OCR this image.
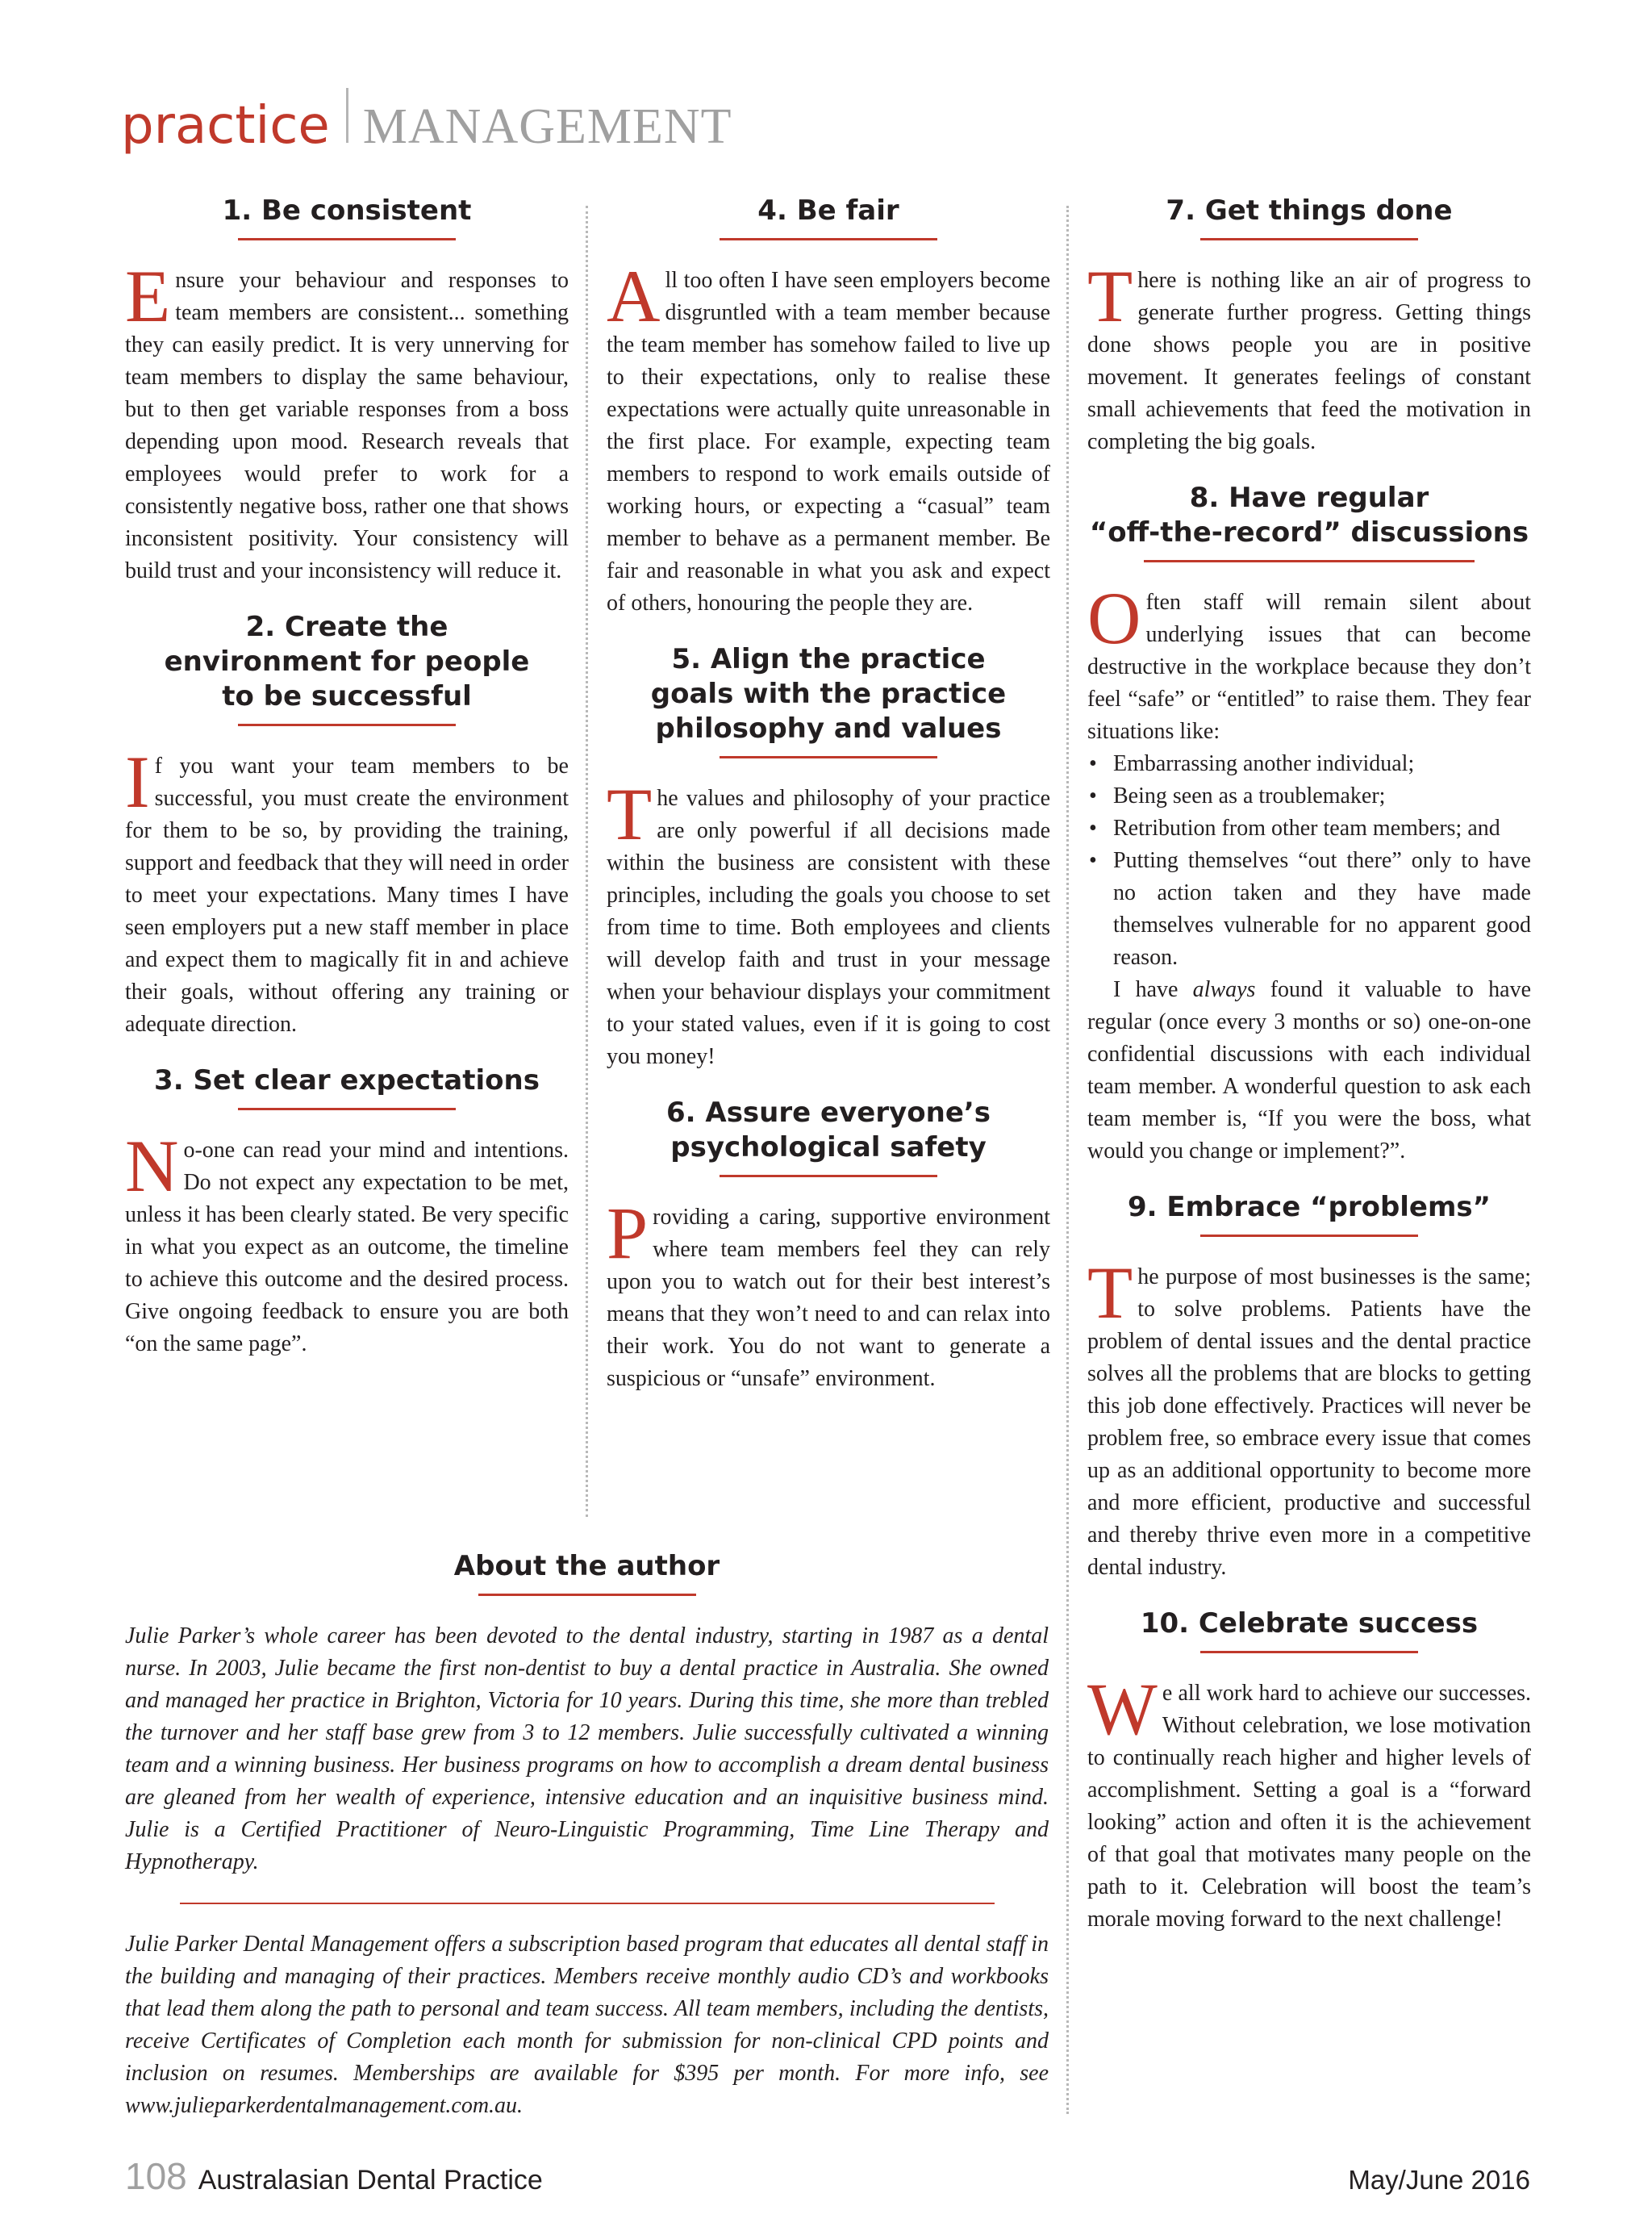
practice MANAGEMENT
1. Be consistent

Ensure your behaviour and responses to team members are consistent... something they can easily predict. It is very unnerving for team members to display the same behaviour, but to then get variable responses from a boss depending upon mood. Research reveals that employees would prefer to work for a consistently negative boss, rather one that shows inconsistent positivity. Your consistency will build trust and your inconsistency will reduce it.

2. Create the
environment for people
to be successful

If you want your team members to be successful, you must create the environment for them to be so, by providing the training, support and feedback that they will need in order to meet your expectations. Many times I have seen employers put a new staff member in place and expect them to magically fit in and achieve their goals, without offering any training or adequate direction.

3. Set clear expectations

No-one can read your mind and intentions. Do not expect any expectation to be met, unless it has been clearly stated. Be very specific in what you expect as an outcome, the timeline to achieve this outcome and the desired process. Give ongoing feedback to ensure you are both “on the same page”.

4. Be fair

All too often I have seen employers become disgruntled with a team member because the team member has somehow failed to live up to their expectations, only to realise these expectations were actually quite unreasonable in the first place. For example, expecting team members to respond to work emails outside of working hours, or expecting a “casual” team member to behave as a permanent member. Be fair and reasonable in what you ask and expect of others, honouring the people they are.

5. Align the practice
goals with the practice
philosophy and values

The values and philosophy of your practice are only powerful if all decisions made within the business are consistent with these principles, including the goals you choose to set from time to time. Both employees and clients will develop faith and trust in your message when your behaviour displays your commitment to your stated values, even if it is going to cost you money!

6. Assure everyone’s
psychological safety

Providing a caring, supportive environment where team members feel they can rely upon you to watch out for their best interest’s means that they won’t need to and can relax into their work. You do not want to generate a suspicious or “unsafe” environment.

7. Get things done

There is nothing like an air of progress to generate further progress. Getting things done shows people you are in positive movement. It generates feelings of constant small achievements that feed the motivation in completing the big goals.

8. Have regular
“off-the-record” discussions

Often staff will remain silent about underlying issues that can become destructive in the workplace because they don’t feel “safe” or “entitled” to raise them. They fear situations like:

• Embarrassing another individual;
• Being seen as a troublemaker;
• Retribution from other team members; and
• Putting themselves “out there” only to have no action taken and they have made themselves vulnerable for no apparent good reason.

I have always found it valuable to have regular (once every 3 months or so) one-on-one confidential discussions with each individual team member. A wonderful question to ask each team member is, “If you were the boss, what would you change or implement?”.

9. Embrace “problems”

The purpose of most businesses is the same; to solve problems. Patients have the problem of dental issues and the dental practice solves all the problems that are blocks to getting this job done effectively. Practices will never be problem free, so embrace every issue that comes up as an additional opportunity to become more and more efficient, productive and successful and thereby thrive even more in a competitive dental industry.

10. Celebrate success

We all work hard to achieve our successes. Without celebration, we lose motivation to continually reach higher and higher levels of accomplishment. Setting a goal is a “forward looking” action and often it is the achievement of that goal that motivates many people on the path to it. Celebration will boost the team’s morale moving forward to the next challenge!

About the author

Julie Parker’s whole career has been devoted to the dental industry, starting in 1987 as a dental nurse. In 2003, Julie became the first non-dentist to buy a dental practice in Australia. She owned and managed her practice in Brighton, Victoria for 10 years. During this time, she more than trebled the turnover and her staff base grew from 3 to 12 members. Julie successfully cultivated a winning team and a winning business. Her business programs on how to accomplish a dream dental business are gleaned from her wealth of experience, intensive education and an inquisitive business mind. Julie is a Certified Practitioner of Neuro-Linguistic Programming, Time Line Therapy and Hypnotherapy.

Julie Parker Dental Management offers a subscription based program that educates all dental staff in the building and managing of their practices. Members receive monthly audio CD’s and workbooks that lead them along the path to personal and team success. All team members, including the dentists, receive Certificates of Completion each month for submission for non-clinical CPD points and inclusion on resumes. Memberships are available for $395 per month. For more info, see www.julieparkerdentalmanagement.com.au.

108 Australasian Dental Practice	May/June 2016
